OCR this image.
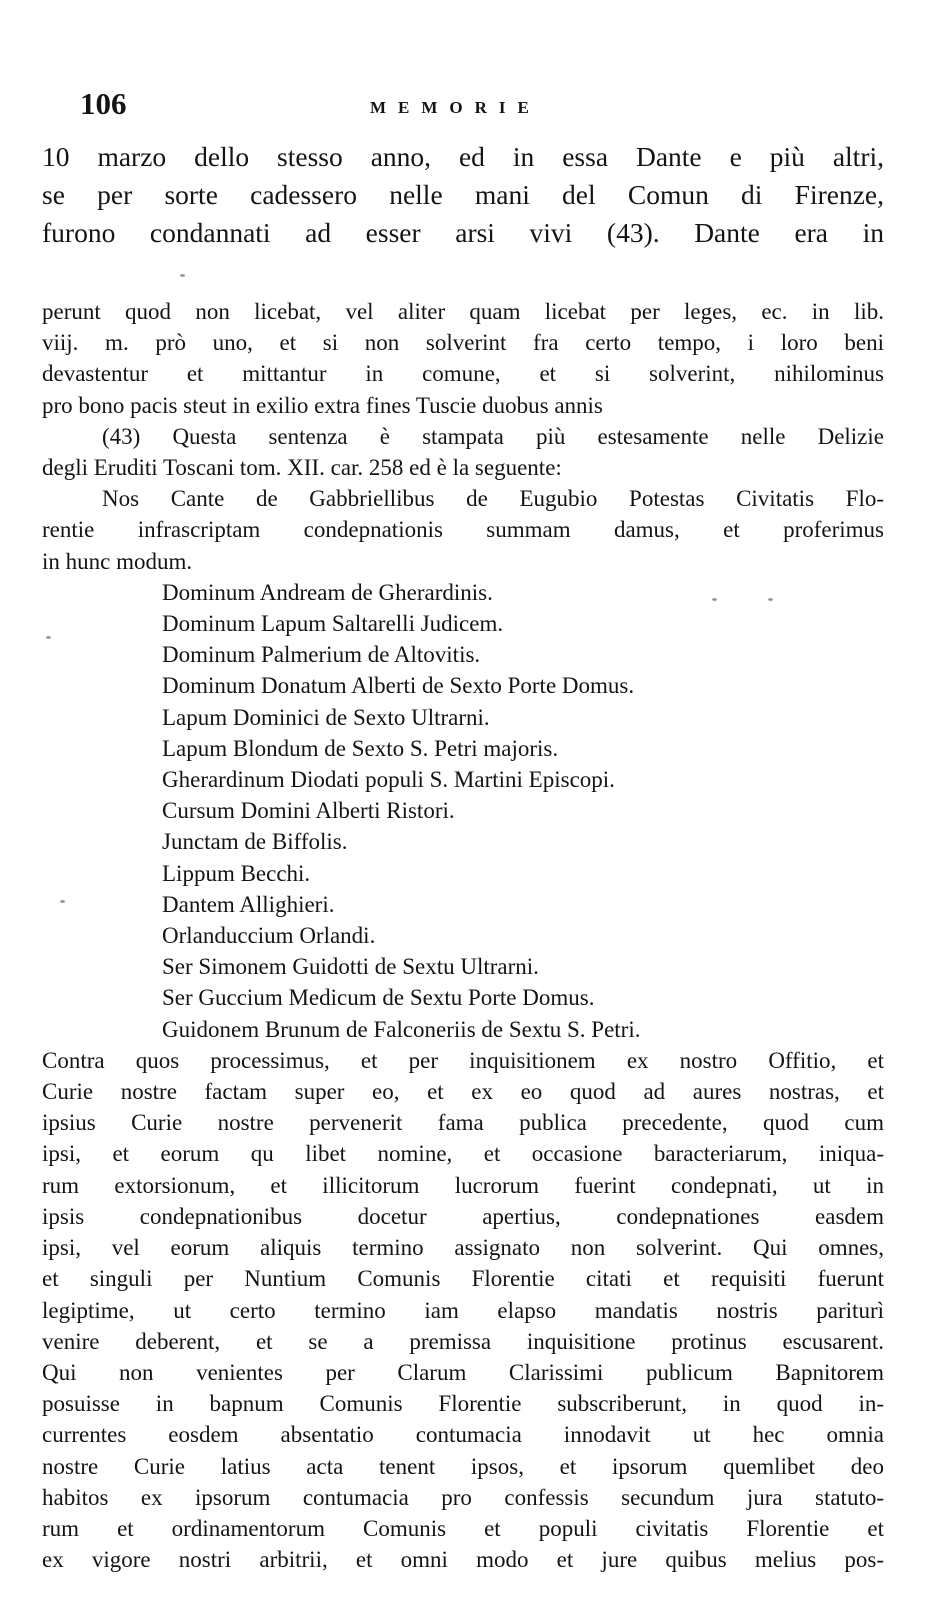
106	MEMORIE
10 marzo dello stesso anno, ed in essa Dante e più altri,
se per sorte cadessero nelle mani del Comun di Firenze,
furono condannati ad esser arsi vivi (43). Dante era in
perunt quod non licebat, vel aliter quam licebat per leges, ec. in lib.
viij. m. prò uno, et si non solverint fra certo tempo, i loro beni
devastentur et mittantur in comune, et si solverint, nihilominus
pro bono pacis steut in exilio extra fines Tuscie duobus annis
(43) Questa sentenza è stampata più estesamente nelle Delizie
degli Eruditi Toscani tom. XII. car. 258 ed è la seguente:
Nos Cante de Gabbriellibus de Eugubio Potestas Civitatis Flo-
rentie infrascriptam condepnationis summam damus, et proferimus
in hunc modum.
Dominum Andream de Gherardinis.
Dominum Lapum Saltarelli Judicem.
Dominum Palmerium de Altovitis.
Dominum Donatum Alberti de Sexto Porte Domus.
Lapum Dominici de Sexto Ultrarni.
Lapum Blondum de Sexto S. Petri majoris.
Gherardinum Diodati populi S. Martini Episcopi.
Cursum Domini Alberti Ristori.
Junctam de Biffolis.
Lippum Becchi.
Dantem Allighieri.
Orlanduccium Orlandi.
Ser Simonem Guidotti de Sextu Ultrarni.
Ser Guccium Medicum de Sextu Porte Domus.
Guidonem Brunum de Falconeriis de Sextu S. Petri.
Contra quos processimus, et per inquisitionem ex nostro Offitio, et
Curie nostre factam super eo, et ex eo quod ad aures nostras, et
ipsius Curie nostre pervenerit fama publica precedente, quod cum
ipsi, et eorum qu libet nomine, et occasione baracteriarum, iniqua-
rum extorsionum, et illicitorum lucrorum fuerint condepnati, ut in
ipsis condepnationibus docetur apertius, condepnationes easdem
ipsi, vel eorum aliquis termino assignato non solverint. Qui omnes,
et singuli per Nuntium Comunis Florentie citati et requisiti fuerunt
legiptime, ut certo termino iam elapso mandatis nostris pariturì
venire deberent, et se a premissa inquisitione protinus escusarent.
Qui non venientes per Clarum Clarissimi publicum Bapnitorem
posuisse in bapnum Comunis Florentie subscriberunt, in quod in-
currentes eosdem absentatio contumacia innodavit ut hec omnia
nostre Curie latius acta tenent ipsos, et ipsorum quemlibet deo
habitos ex ipsorum contumacia pro confessis secundum jura statuto-
rum et ordinamentorum Comunis et populi civitatis Florentie et
ex vigore nostri arbitrii, et omni modo et jure quibus melius pos-
